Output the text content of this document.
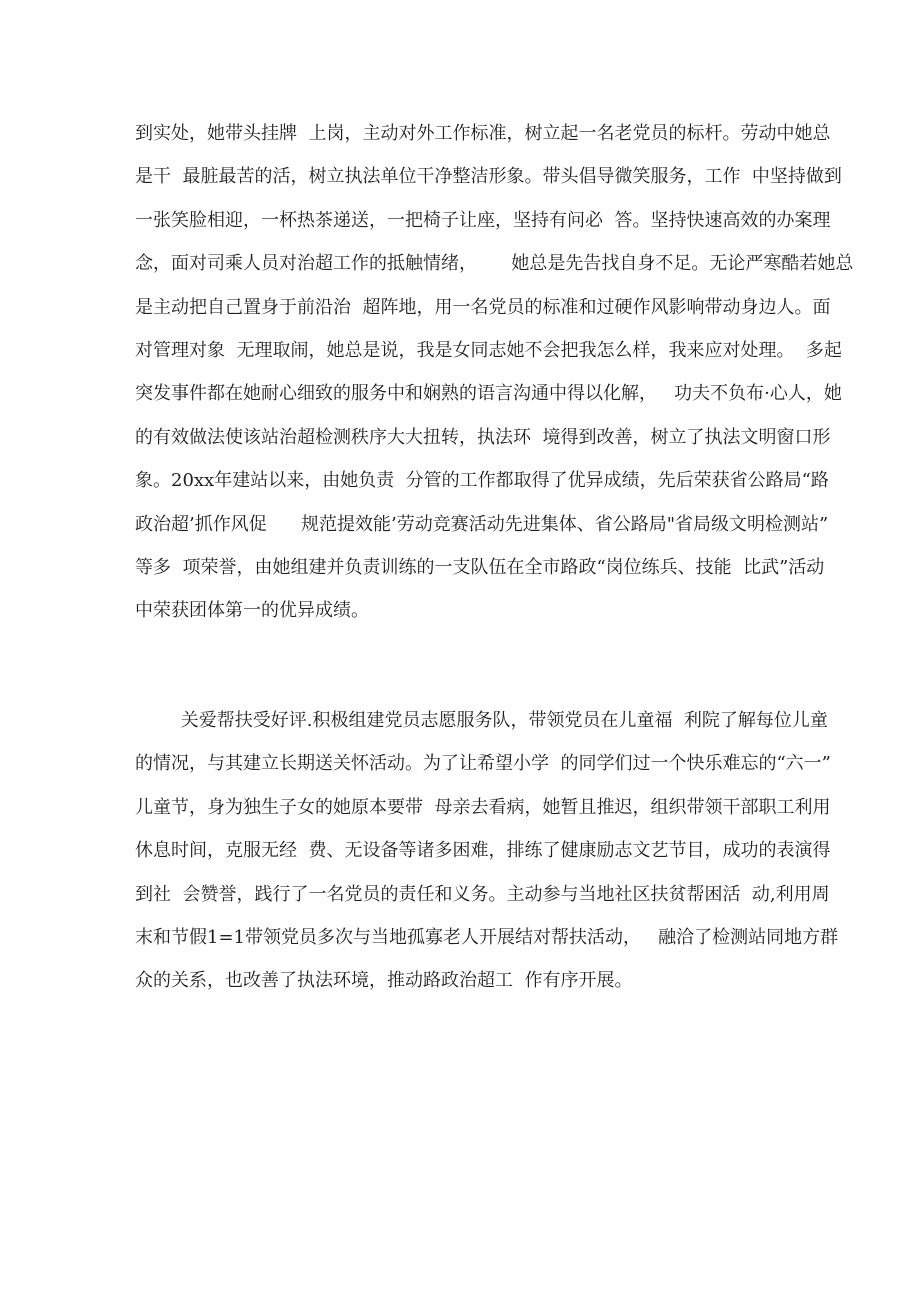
到实处，她带头挂牌  上岗，主动对外工作标准，树立起一名老党员的标杆。劳动中她总
是干  最脏最苦的活，树立执法单位干净整洁形象。带头倡导微笑服务，工作  中坚持做到
一张笑脸相迎，一杯热茶递送，一把椅子让座，坚持有问必  答。坚持快速高效的办案理
念，面对司乘人员对治超工作的抵触情绪，      她总是先告找自身不足。无论严寒酷若她总
是主动把自己置身于前沿治  超阵地，用一名党员的标准和过硬作风影响带动身边人。面
对管理对象  无理取闹，她总是说，我是女同志她不会把我怎么样，我来应对处理。  多起
突发事件都在她耐心细致的服务中和娴熟的语言沟通中得以化解，   功夫不负布·心人，她
的有效做法使该站治超检测秩序大大扭转，执法环  境得到改善，树立了执法文明窗口形
象。20xx年建站以来，由她负责  分管的工作都取得了优异成绩，先后荣获省公路局“路
政治超’抓作风促      规范提效能’劳动竞赛活动先进集体、省公路局"省局级文明检测站”
等多  项荣誉，由她组建并负责训练的一支队伍在全市路政“岗位练兵、技能  比武”活动
中荣获团体第一的优异成绩。
关爱帮扶受好评.积极组建党员志愿服务队，带领党员在儿童福  利院了解每位儿童
的情况，与其建立长期送关怀活动。为了让希望小学  的同学们过一个快乐难忘的“六一”
儿童节，身为独生子女的她原本要带  母亲去看病，她暂且推迟，组织带领干部职工利用
休息时间，克服无经  费、无设备等诸多困难，排练了健康励志文艺节目，成功的表演得
到社  会赞誉，践行了一名党员的责任和义务。主动参与当地社区扶贫帮困活  动,利用周
末和节假1=1带领党员多次与当地孤寡老人开展结对帮扶活动，   融洽了检测站同地方群
众的关系，也改善了执法环境，推动路政治超工  作有序开展。
